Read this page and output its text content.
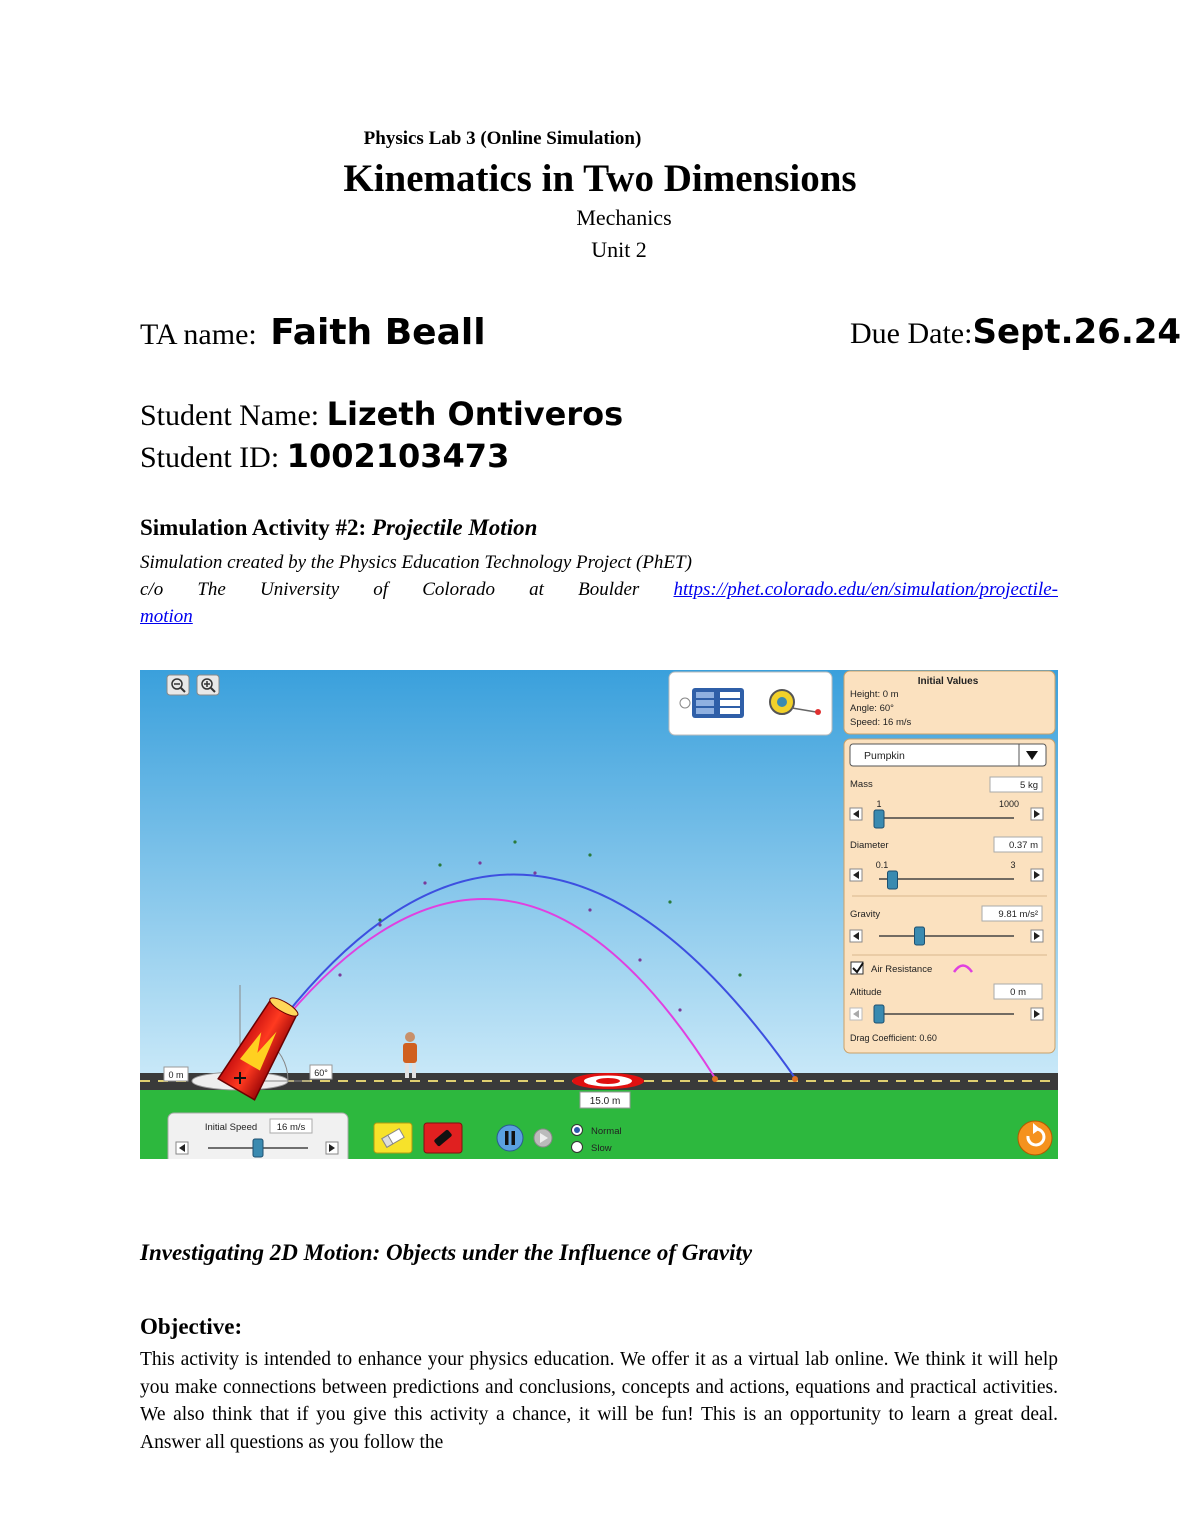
Physics Lab 3 (Online Simulation)
Kinematics in Two Dimensions
Mechanics
Unit 2
TA name: Faith Beall	Due Date:Sept.26.24
Student Name: Lizeth Ontiveros
Student ID: 1002103473
Simulation Activity #2: Projectile Motion
Simulation created by the Physics Education Technology Project (PhET)
c/o The University of Colorado at Boulder https://phet.colorado.edu/en/simulation/projectile-
motion
Initial Values
Height: 0 m
Angle: 60°
Speed: 16 m/s
Pumpkin
Mass	5 kg
1	1000
Diameter	0.37 m
0.1	3
Gravity	9.81 m/s²
Air Resistance
Altitude	0 m
Drag Coefficient: 0.60
0 m	60°
15.0 m
Initial Speed 16 m/s	Normal
Slow
Investigating 2D Motion: Objects under the Influence of Gravity
Objective:
This activity is intended to enhance your physics education. We offer it as a virtual lab online. We think it will help you make connections between predictions and conclusions, concepts and actions, equations and practical activities. We also think that if you give this activity a chance, it will be fun! This is an opportunity to learn a great deal. Answer all questions as you follow the
